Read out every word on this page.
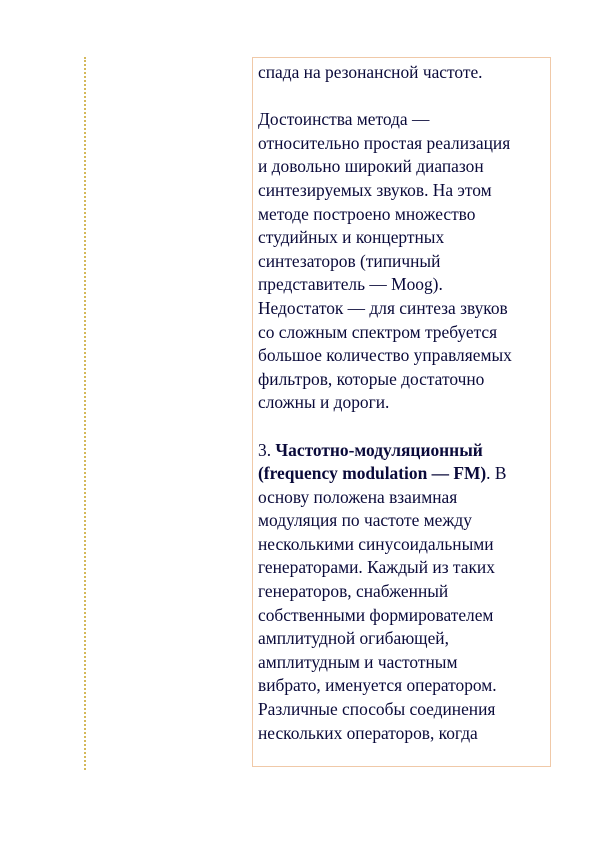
спада на резонансной частоте.

Достоинства метода —
относительно простая реализация
и довольно широкий диапазон
синтезируемых звуков. На этом
методе построено множество
студийных и концертных
синтезаторов (типичный
представитель — Moog).
Недостаток — для синтеза звуков
со сложным спектром требуется
большое количество управляемых
фильтров, которые достаточно
сложны и дороги.

3. Частотно-модуляционный
(frequency modulation — FM). В
основу положена взаимная
модуляция по частоте между
несколькими синусоидальными
генераторами. Каждый из таких
генераторов, снабженный
собственными формирователем
амплитудной огибающей,
амплитудным и частотным
вибрато, именуется оператором.
Различные способы соединения
нескольких операторов, когда
